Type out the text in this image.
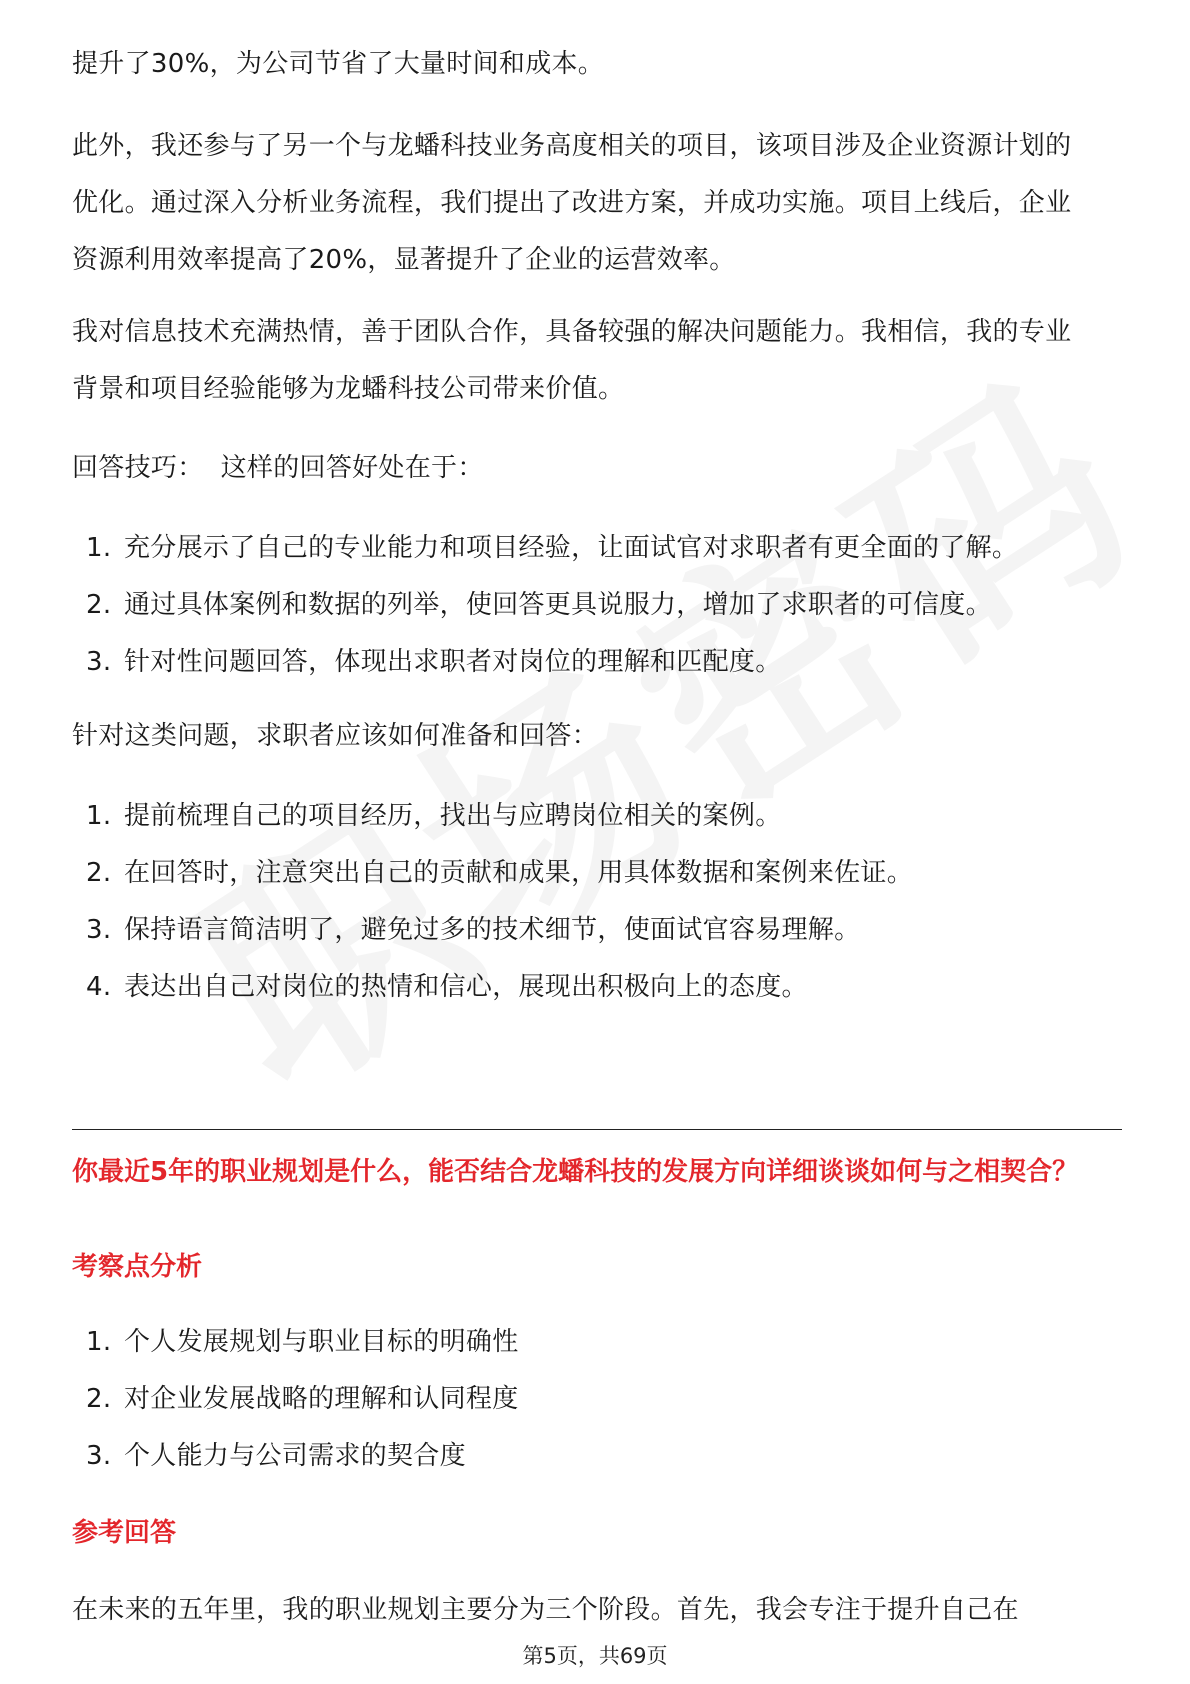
提升了30%，为公司节省了大量时间和成本。

此外，我还参与了另一个与龙蟠科技业务高度相关的项目，该项目涉及企业资源计划的优化。通过深入分析业务流程，我们提出了改进方案，并成功实施。项目上线后，企业资源利用效率提高了20%，显著提升了企业的运营效率。

我对信息技术充满热情，善于团队合作，具备较强的解决问题能力。我相信，我的专业背景和项目经验能够为龙蟠科技公司带来价值。

回答技巧：  这样的回答好处在于：

1. 充分展示了自己的专业能力和项目经验，让面试官对求职者有更全面的了解。
2. 通过具体案例和数据的列举，使回答更具说服力，增加了求职者的可信度。
3. 针对性问题回答，体现出求职者对岗位的理解和匹配度。

针对这类问题，求职者应该如何准备和回答：

1. 提前梳理自己的项目经历，找出与应聘岗位相关的案例。
2. 在回答时，注意突出自己的贡献和成果，用具体数据和案例来佐证。
3. 保持语言简洁明了，避免过多的技术细节，使面试官容易理解。
4. 表达出自己对岗位的热情和信心，展现出积极向上的态度。

你最近5年的职业规划是什么，能否结合龙蟠科技的发展方向详细谈谈如何与之相契合？

考察点分析

1. 个人发展规划与职业目标的明确性
2. 对企业发展战略的理解和认同程度
3. 个人能力与公司需求的契合度

参考回答

在未来的五年里，我的职业规划主要分为三个阶段。首先，我会专注于提升自己在

第5页，共69页
